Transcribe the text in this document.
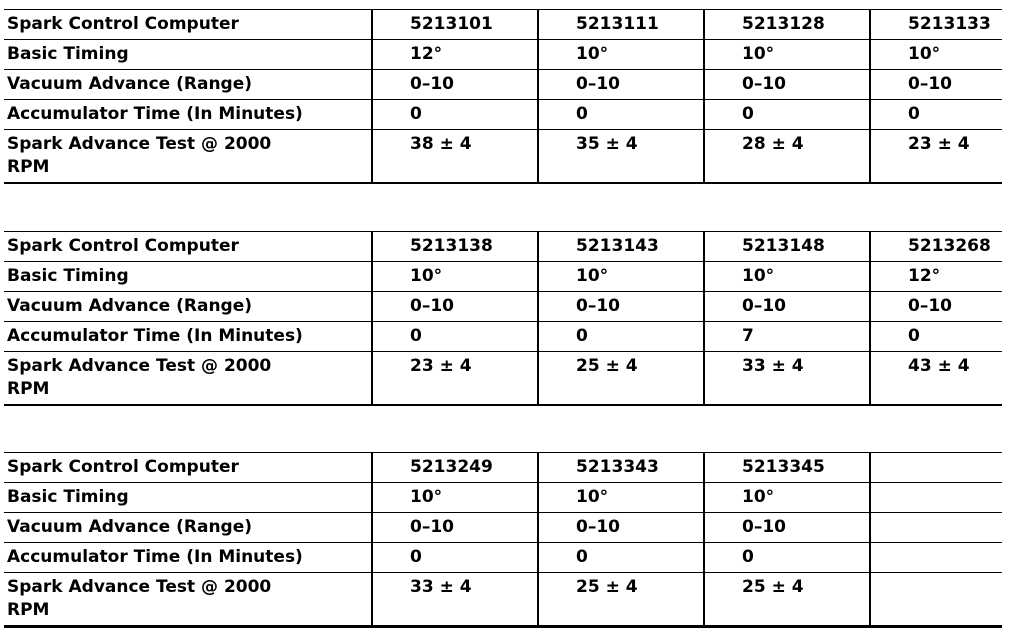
Spark Control Computer	5213101	5213111	5213128	5213133
Basic Timing	12°	10°	10°	10°
Vacuum Advance (Range)	0–10	0–10	0–10	0–10
Accumulator Time (In Minutes)	0	0	0	0
Spark Advance Test @ 2000 RPM	38 ± 4	35 ± 4	28 ± 4	23 ± 4
Spark Control Computer	5213138	5213143	5213148	5213268
Basic Timing	10°	10°	10°	12°
Vacuum Advance (Range)	0–10	0–10	0–10	0–10
Accumulator Time (In Minutes)	0	0	7	0
Spark Advance Test @ 2000 RPM	23 ± 4	25 ± 4	33 ± 4	43 ± 4
Spark Control Computer	5213249	5213343	5213345	
Basic Timing	10°	10°	10°	
Vacuum Advance (Range)	0–10	0–10	0–10	
Accumulator Time (In Minutes)	0	0	0	
Spark Advance Test @ 2000 RPM	33 ± 4	25 ± 4	25 ± 4	
